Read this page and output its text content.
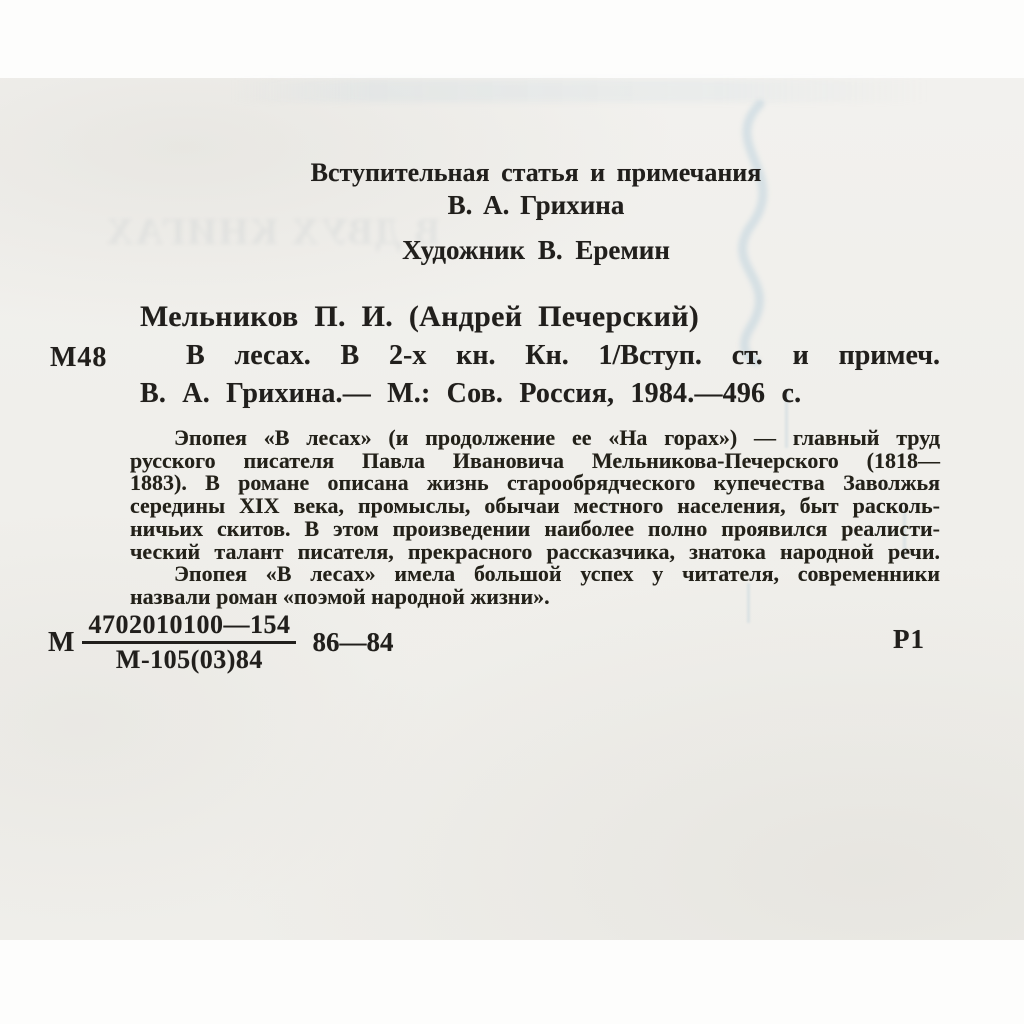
В ДВУХ КНИГАХ
Вступительная статья и примечания
В. А. Грихина
Художник В. Еремин
Мельников П. И. (Андрей Печерский)
М48	В лесах. В 2-х кн. Кн. 1/Вступ. ст. и примеч.
В. А. Грихина.— М.: Сов. Россия, 1984.—496 с.
Эпопея «В лесах» (и продолжение ее «На горах») — главный труд
русского писателя Павла Ивановича Мельникова-Печерского (1818—
1883). В романе описана жизнь старообрядческого купечества Заволжья
середины XIX века, промыслы, обычаи местного населения, быт расколь-
ничьих скитов. В этом произведении наиболее полно проявился реалисти-
ческий талант писателя, прекрасного рассказчика, знатока народной речи.
Эпопея «В лесах» имела большой успех у читателя, современники
назвали роман «поэмой народной жизни».
М $\frac{4702010100—154}{М-105(03)84}$ 86—84	Р1
